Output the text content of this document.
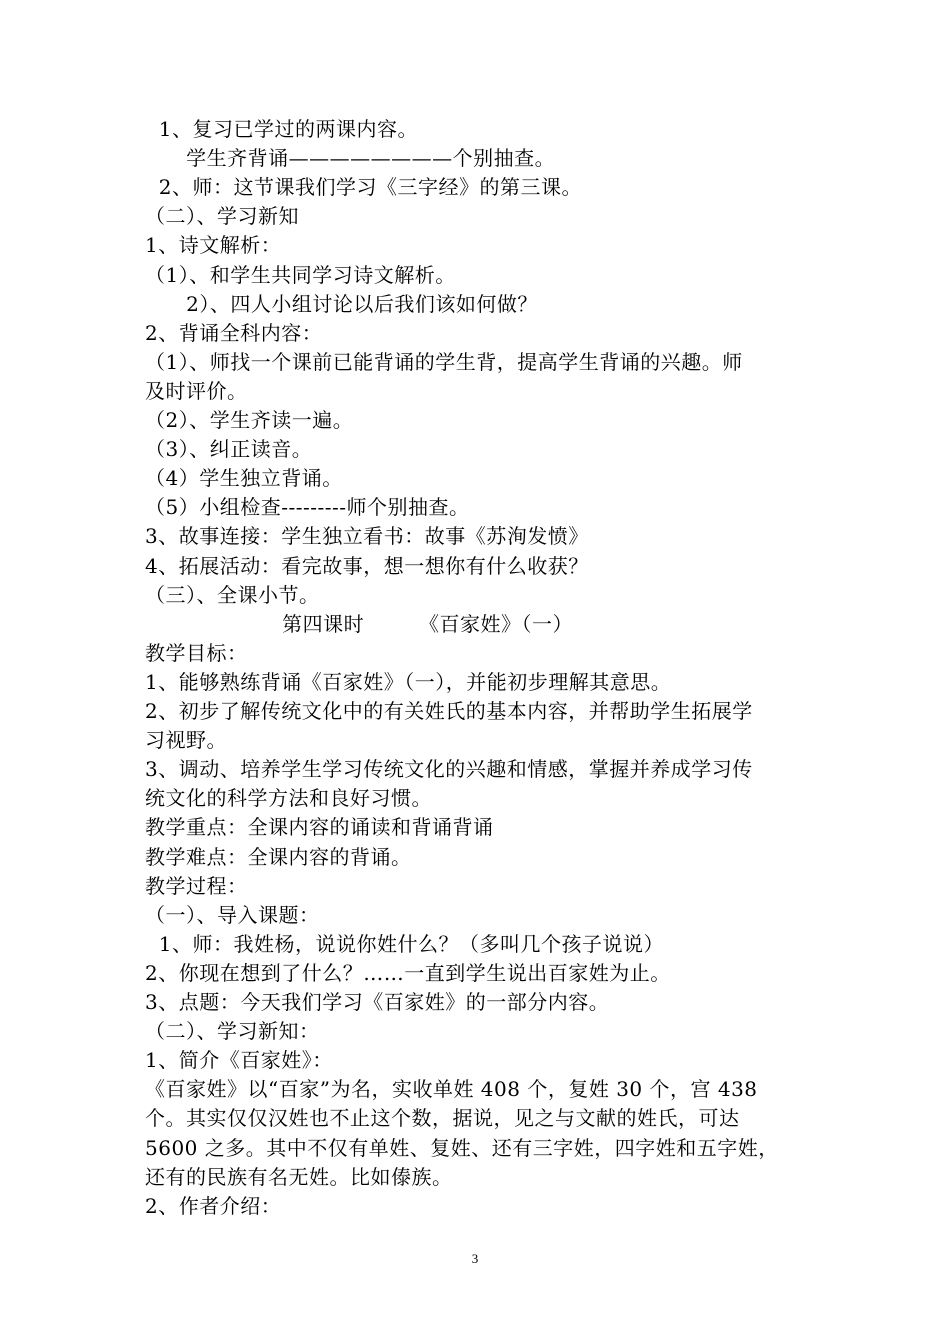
1、复习已学过的两课内容。
学生齐背诵————————个别抽查。
2、师：这节课我们学习《三字经》的第三课。
（二）、学习新知
1、诗文解析：
（1）、和学生共同学习诗文解析。
2）、四人小组讨论以后我们该如何做？
2、背诵全科内容：
（1）、师找一个课前已能背诵的学生背，提高学生背诵的兴趣。师
及时评价。
（2）、学生齐读一遍。
（3）、纠正读音。
（4）学生独立背诵。
（5）小组检查---------师个别抽查。
3、故事连接：学生独立看书：故事《苏洵发愤》
4、拓展活动：看完故事，想一想你有什么收获？
（三）、全课小节。
第四课时        《百家姓》（一）
教学目标：
1、能够熟练背诵《百家姓》（一），并能初步理解其意思。
2、初步了解传统文化中的有关姓氏的基本内容，并帮助学生拓展学
习视野。
3、调动、培养学生学习传统文化的兴趣和情感，掌握并养成学习传
统文化的科学方法和良好习惯。
教学重点：全课内容的诵读和背诵背诵
教学难点：全课内容的背诵。
教学过程：
（一）、导入课题：
1、师：我姓杨，说说你姓什么？（多叫几个孩子说说）
2、你现在想到了什么？……一直到学生说出百家姓为止。
3、点题：今天我们学习《百家姓》的一部分内容。
（二）、学习新知：
1、简介《百家姓》：
《百家姓》以“百家”为名，实收单姓 408 个，复姓 30 个，宫 438
个。其实仅仅汉姓也不止这个数，据说，见之与文献的姓氏，可达
5600 之多。其中不仅有单姓、复姓、还有三字姓，四字姓和五字姓，
还有的民族有名无姓。比如傣族。
2、作者介绍：
3
